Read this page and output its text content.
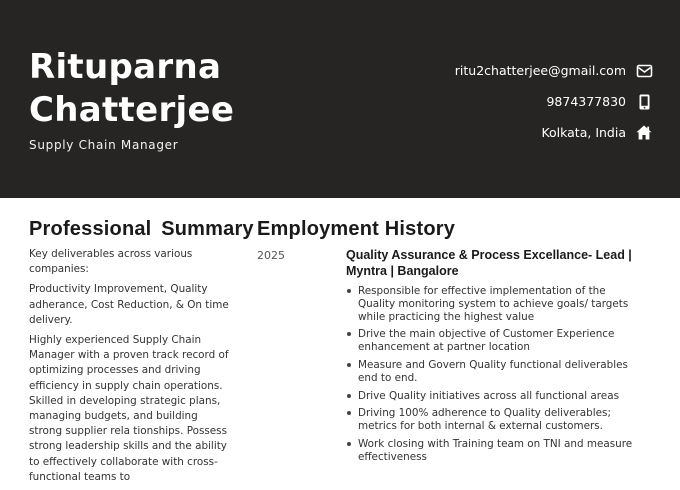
Rituparna
Chatterjee
Supply Chain Manager
ritu2chatterjee@gmail.com
9874377830
Kolkata, India
Professional Summary

Key deliverables across various companies:

Productivity Improvement, Quality adherance, Cost Reduction, & On time delivery.

Highly experienced Supply Chain Manager with a proven track record of optimizing processes and driving efficiency in supply chain operations. Skilled in developing strategic plans, managing budgets, and building strong supplier rela tionships. Possess strong leadership skills and the ability to effectively collaborate with cross-functional teams to

Employment History
2025	Quality Assurance & Process Excellance- Lead | Myntra | Bangalore
Responsible for effective implementation of the Quality monitoring system to achieve goals/ targets while practicing the highest value
Drive the main objective of Customer Experience enhancement at partner location
Measure and Govern Quality functional deliverables end to end.
Drive Quality initiatives across all functional areas
Driving 100% adherence to Quality deliverables; metrics for both internal & external customers.
Work closing with Training team on TNI and measure effectiveness
